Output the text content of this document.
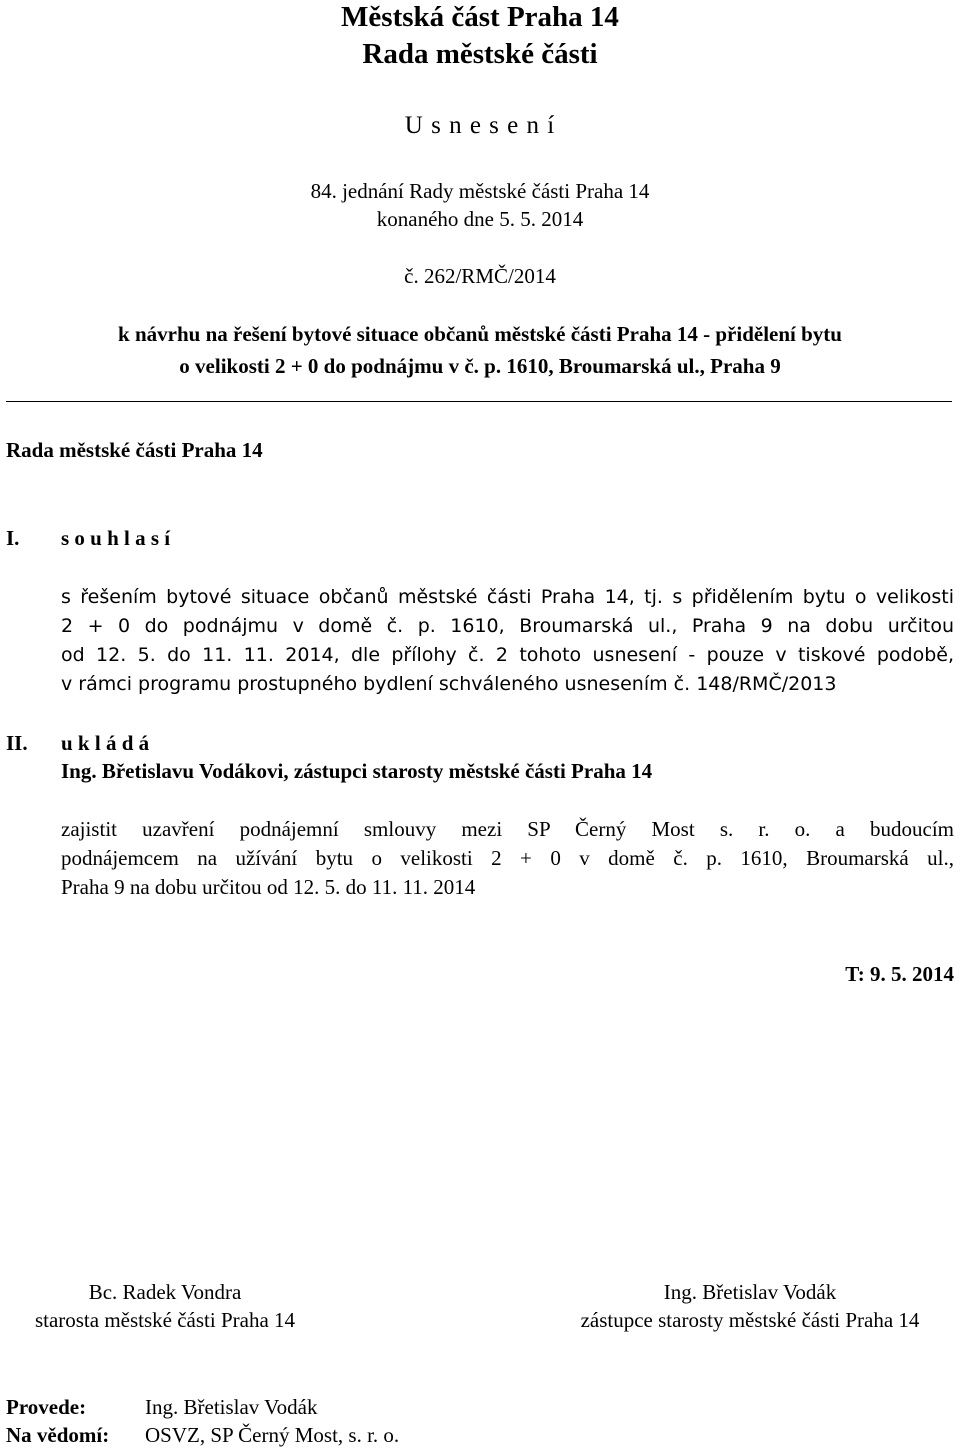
Městská část Praha 14
Rada městské části
U s n e s e n í
84. jednání Rady městské části Praha 14
konaného dne 5. 5. 2014
č. 262/RMČ/2014
k návrhu na řešení bytové situace občanů městské části Praha 14 - přidělení bytu
o velikosti 2 + 0 do podnájmu v č. p. 1610, Broumarská ul., Praha 9
Rada městské části Praha 14
I. s o u h l a s í
s řešením bytové situace občanů městské části Praha 14, tj. s přidělením bytu o velikosti
2 + 0 do podnájmu v domě č. p. 1610, Broumarská ul., Praha 9 na dobu určitou
od 12. 5. do 11. 11. 2014, dle přílohy č. 2 tohoto usnesení - pouze v tiskové podobě,
v rámci programu prostupného bydlení schváleného usnesením č. 148/RMČ/2013
II. u k l á d á
Ing. Břetislavu Vodákovi, zástupci starosty městské části Praha 14
zajistit uzavření podnájemní smlouvy mezi SP Černý Most s. r. o. a budoucím
podnájemcem na užívání bytu o velikosti 2 + 0 v domě č. p. 1610, Broumarská ul.,
Praha 9 na dobu určitou od 12. 5. do 11. 11. 2014
T: 9. 5. 2014
Bc. Radek Vondra
starosta městské části Praha 14
Ing. Břetislav Vodák
zástupce starosty městské části Praha 14
Provede:	Ing. Břetislav Vodák
Na vědomí: OSVZ, SP Černý Most, s. r. o.
